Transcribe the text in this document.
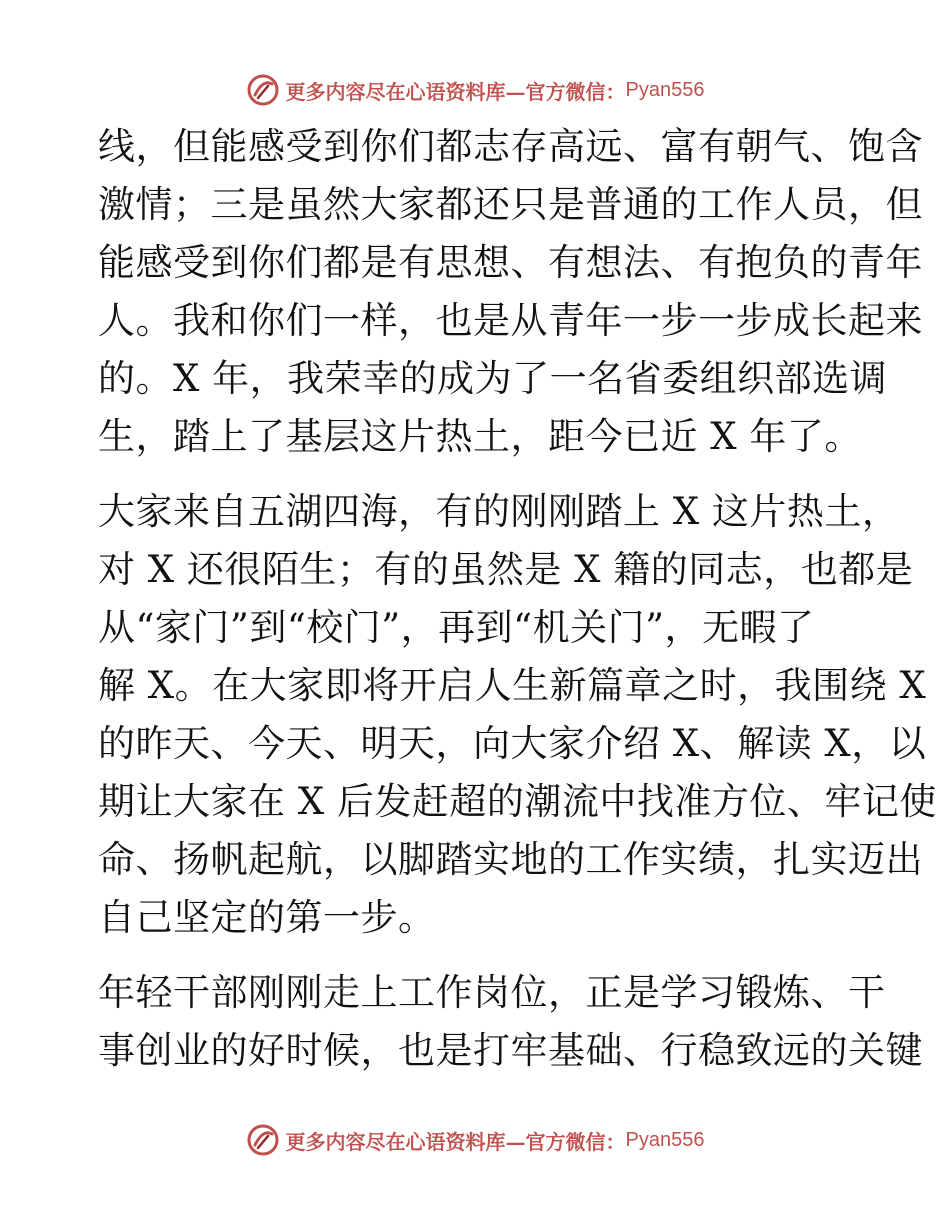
更多内容尽在心语资料库—官方微信： Pyan556
线，但能感受到你们都志存高远、富有朝气、饱含
激情；三是虽然大家都还只是普通的工作人员，但
能感受到你们都是有思想、有想法、有抱负的青年
人。我和你们一样，也是从青年一步一步成长起来
的。X 年，我荣幸的成为了一名省委组织部选调
生，踏上了基层这片热土，距今已近 X 年了。
大家来自五湖四海，有的刚刚踏上 X 这片热土，
对 X 还很陌生；有的虽然是 X 籍的同志，也都是
从“家门”到“校门”，再到“机关门”，无暇了
解 X。在大家即将开启人生新篇章之时，我围绕 X
的昨天、今天、明天，向大家介绍 X、解读 X，以
期让大家在 X 后发赶超的潮流中找准方位、牢记使
命、扬帆起航，以脚踏实地的工作实绩，扎实迈出
自己坚定的第一步。
年轻干部刚刚走上工作岗位，正是学习锻炼、干
事创业的好时候，也是打牢基础、行稳致远的关键
更多内容尽在心语资料库—官方微信： Pyan556
